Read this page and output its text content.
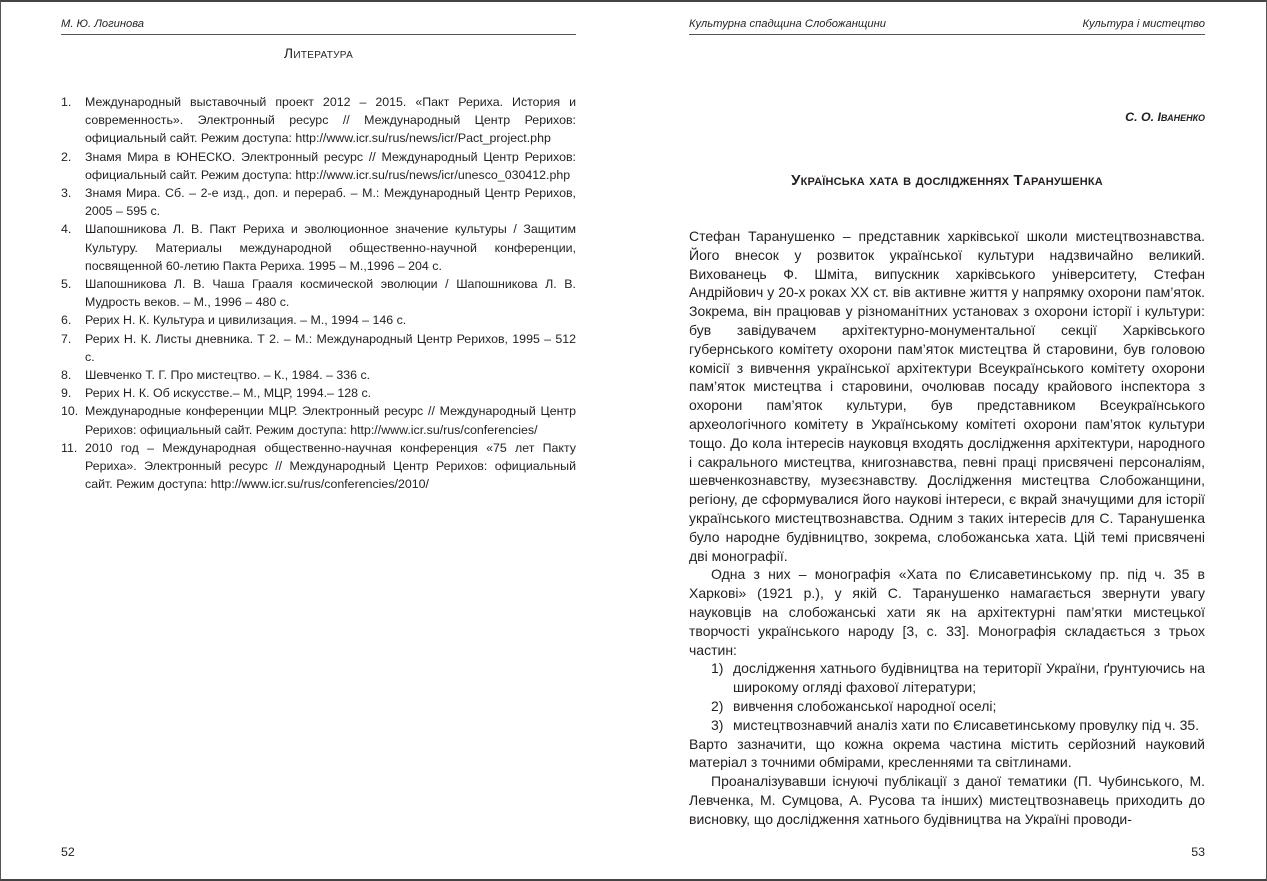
М. Ю. Логинова
Литература
1. Международный выставочный проект 2012 – 2015. «Пакт Рериха. История и современность». Электронный ресурс // Международный Центр Рерихов: официальный сайт. Режим доступа: http://www.icr.su/rus/news/icr/Pact_project.php
2. Знамя Мира в ЮНЕСКО. Электронный ресурс // Международный Центр Рерихов: официальный сайт. Режим доступа: http://www.icr.su/rus/news/icr/unesco_030412.php
3. Знамя Мира. Сб. – 2-е изд., доп. и перераб. – М.: Международный Центр Рерихов, 2005 – 595 с.
4. Шапошникова Л. В. Пакт Рериха и эволюционное значение культуры / Защитим Культуру. Материалы международной общественно-научной конференции, посвященной 60-летию Пакта Рериха. 1995 – М.,1996 – 204 с.
5. Шапошникова Л. В. Чаша Грааля космической эволюции / Шапошникова Л. В. Мудрость веков. – М., 1996 – 480 с.
6. Рерих Н. К. Культура и цивилизация. – М., 1994 – 146 с.
7. Рерих Н. К. Листы дневника. Т 2. – М.: Международный Центр Рерихов, 1995 – 512 с.
8. Шевченко Т. Г. Про мистецтво. – К., 1984. – 336 с.
9. Рерих Н. К. Об искусстве.– М., МЦР, 1994.– 128 с.
10. Международные конференции МЦР. Электронный ресурс // Международный Центр Рерихов: официальный сайт. Режим доступа: http://www.icr.su/rus/conferencies/
11. 2010 год – Международная общественно-научная конференция «75 лет Пакту Рериха». Электронный ресурс // Международный Центр Рерихов: официальный сайт. Режим доступа: http://www.icr.su/rus/conferencies/2010/
52
Культурна спадщина Слобожанщини	Культура і мистецтво
С. О. Іваненко
Українська хата в дослідженнях Таранушенка

Стефан Таранушенко – представник харківської школи мистецтвознавства. Його внесок у розвиток української культури надзвичайно великий. Вихованець Ф. Шміта, випускник харківського університету, Стефан Андрійович у 20-х роках ХХ ст. вів активне життя у напрямку охорони пам’яток. Зокрема, він працював у різноманітних установах з охорони історії і культури: був завідувачем архітектурно-монументальної секції Харківського губернського комітету охорони пам’яток мистецтва й старовини, був головою комісії з вивчення української архітектури Всеукраїнського комітету охорони пам’яток мистецтва і старовини, очолював посаду крайового інспектора з охорони пам’яток культури, був представником Всеукраїнського археологічного комітету в Українському комітеті охорони пам’яток культури тощо. До кола інтересів науковця входять дослідження архітектури, народного і сакрального мистецтва, книгознавства, певні праці присвячені персоналіям, шевченкознавству, музеєзнавству. Дослідження мистецтва Слобожанщини, регіону, де сформувалися його наукові інтереси, є вкрай значущими для історії українського мистецтвознавства. Одним з таких інтересів для С. Таранушенка було народне будівництво, зокрема, слобожанська хата. Цій темі присвячені дві монографії.

Одна з них – монографія «Хата по Єлисаветинському пр. під ч. 35 в Харкові» (1921 р.), у якій С. Таранушенко намагається звернути увагу науковців на слобожанські хати як на архітектурні пам’ятки мистецької творчості українського народу [3, с. 33]. Монографія складається з трьох частин:

1) дослідження хатнього будівництва на території України, ґрунтуючись на широкому огляді фахової літератури;
2) вивчення слобожанської народної оселі;
3) мистецтвознавчий аналіз хати по Єлисаветинському провулку під ч. 35.

Варто зазначити, що кожна окрема частина містить серйозний науковий матеріал з точними обмірами, кресленнями та світлинами.

Проаналізувавши існуючі публікації з даної тематики (П. Чубинського, М. Левченка, М. Сумцова, А. Русова та інших) мистецтвознавець приходить до висновку, що дослідження хатнього будівництва на Україні проводи-

53
